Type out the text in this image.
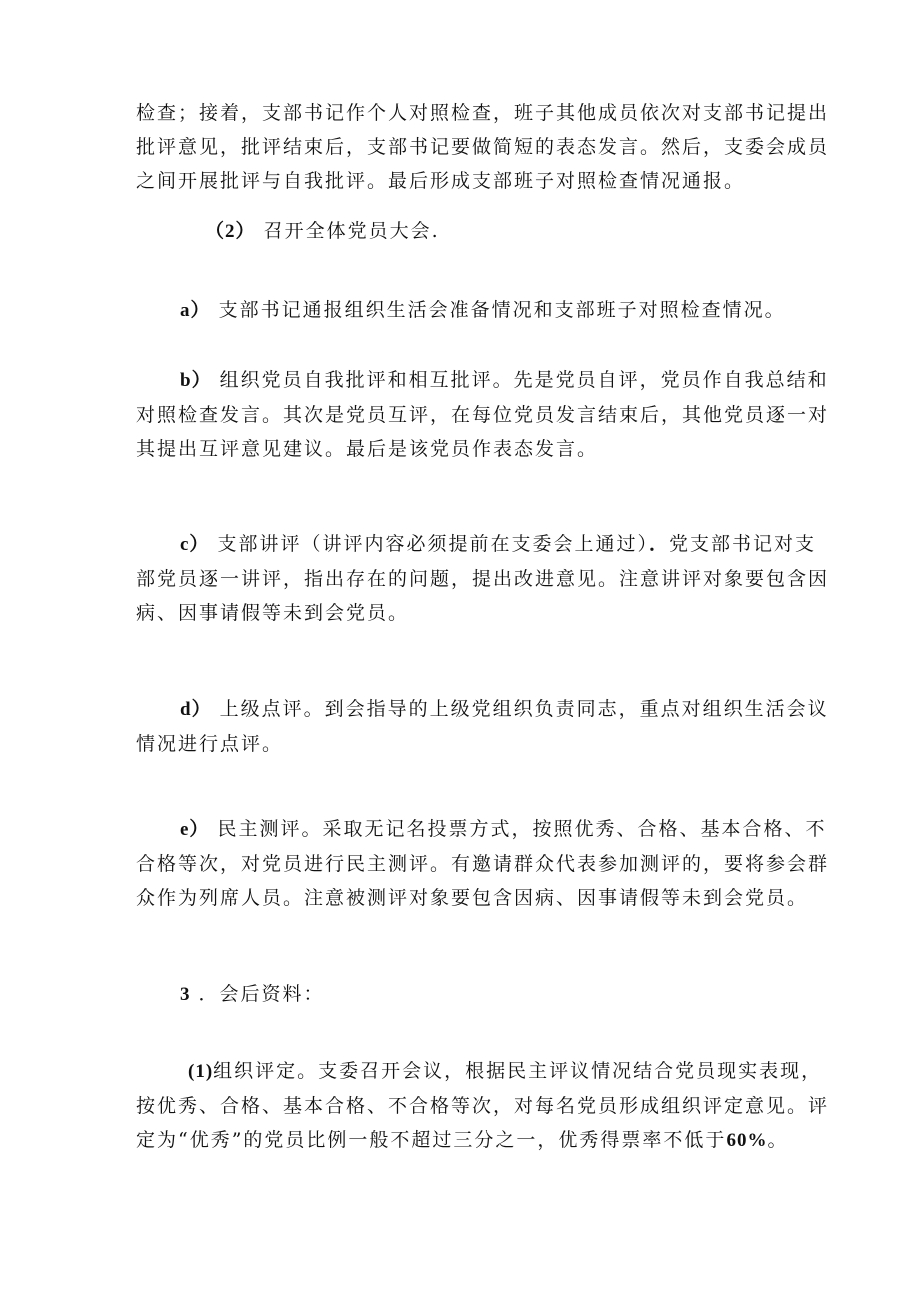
检查；接着，支部书记作个人对照检查，班子其他成员依次对支部书记提出
批评意见，批评结束后，支部书记要做简短的表态发言。然后，支委会成员
之间开展批评与自我批评。最后形成支部班子对照检查情况通报。
（2） 召开全体党员大会.
a） 支部书记通报组织生活会准备情况和支部班子对照检查情况。
b） 组织党员自我批评和相互批评。先是党员自评，党员作自我总结和
对照检查发言。其次是党员互评，在每位党员发言结束后，其他党员逐一对
其提出互评意见建议。最后是该党员作表态发言。
c） 支部讲评（讲评内容必须提前在支委会上通过）．党支部书记对支
部党员逐一讲评，指出存在的问题，提出改进意见。注意讲评对象要包含因
病、因事请假等未到会党员。
d） 上级点评。到会指导的上级党组织负责同志，重点对组织生活会议
情况进行点评。
e） 民主测评。采取无记名投票方式，按照优秀、合格、基本合格、不
合格等次，对党员进行民主测评。有邀请群众代表参加测评的，要将参会群
众作为列席人员。注意被测评对象要包含因病、因事请假等未到会党员。
3 ．会后资料：
(1)组织评定。支委召开会议，根据民主评议情况结合党员现实表现，
按优秀、合格、基本合格、不合格等次，对每名党员形成组织评定意见。评
定为“优秀”的党员比例一般不超过三分之一，优秀得票率不低于60%。
